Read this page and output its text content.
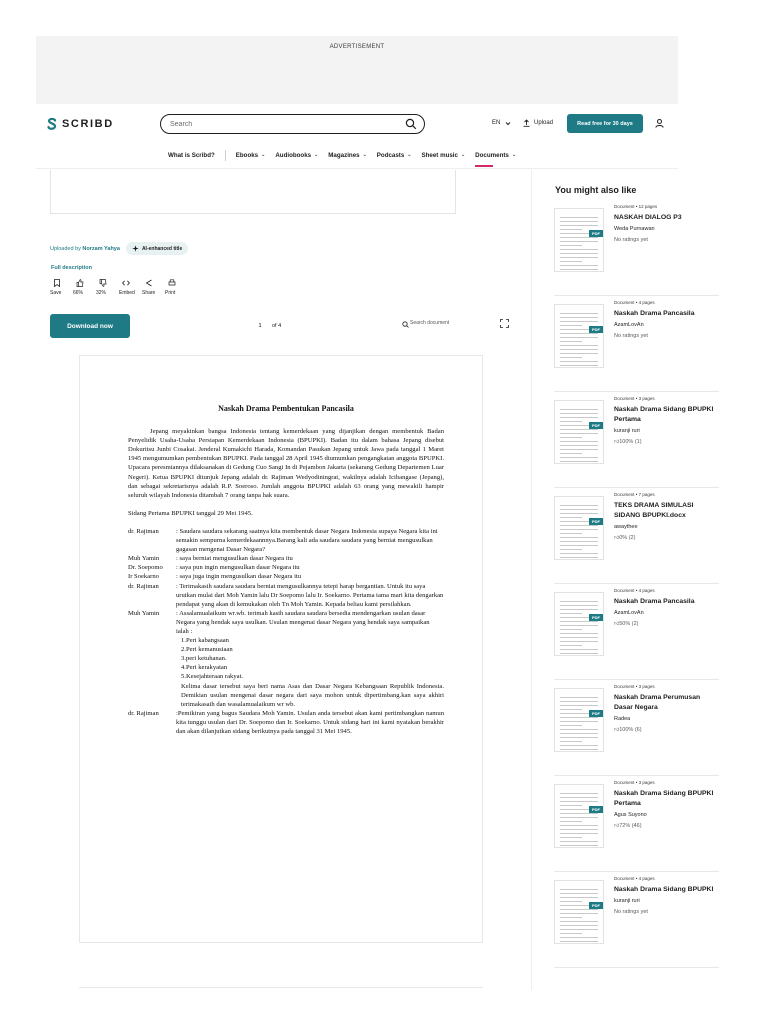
ADVERTISEMENT
SCRIBD
Search	EN	Upload	Read free for 30 days
What is Scribd?	Ebooks ⌄ Audiobooks ⌄ Magazines ⌄ Podcasts ⌄ Sheet music ⌄ Documents ⌄
Uploaded by Norzam Yahya	AI-enhanced title
Full description
Save 66%	32%	Embed Share Print
Download now
1	of 4
Search document
Naskah Drama Pembentukan Pancasila
Jepang meyakinkan bangsa Indonesia tentang kemerdekaan yang dijanjikan dengan membentuk Badan Penyelidik Usaha-Usaha Persiapan Kemerdekaan Indonesia (BPUPKI). Badan itu dalam bahasa Jepang disebut Dokuritsu Junbi Cosakai. Jenderal Kumakichi Harada, Komandan Pasukan Jepang untuk Jawa pada tanggal 1 Maret 1945 mengumumkan pembentukan BPUPKI. Pada tanggal 28 April 1945 diumumkan pengangkatan anggota BPUPKI. Upacara peresmiannya dilaksanakan di Gedung Cuo Sangi In di Pejambon Jakarta (sekarang Gedung Departemen Luar Negeri). Ketua BPUPKI ditunjuk Jepang adalah dr. Rajiman Wedyodiningrat, wakilnya adalah Icibangase (Jepang), dan sebagai sekretarisnya adalah R.P. Soeroso. Jumlah anggota BPUPKI adalah 63 orang yang mewakili hampir seluruh wilayah Indonesia ditambah 7 orang tanpa hak suara.
Sidang Pertama BPUPKI tanggal 29 Mei 1945.
dr. Rajiman	: Saudara saudara sekarang saatnya kita membentuk dasar Negara Indonesia supaya Negara kita ini semakin sempurna kemerdekaannnya.Barang kali ada saudara saudara yang berniat mengusulkan gagasan mengenai Dasar Negara?
Muh Yamin	: saya berniat mengusulkan dasar Negara itu
Dr. Soepomo	: saya pun ingin mengusulkan dasar Negara itu
Ir Soekarno	: saya juga ingin mengusulkan dasar Negara itu
dr. Rajiman	: Terimakasih saudara saudara berniat mengusulkannya tetepi harap bergantian. Untuk itu saya urutkan mulai dari Moh Yamin lalu Dr Soepomo lalu Ir. Soekarno. Pertama tama mari kita dengarkan pendapat yang akan di kemukakan oleh Tn Moh Yamin. Kepada beliau kami persilahkan.
Muh Yamin	: Assalamualaikum wr.wb. terimah kasih saudara saudara bersedia mendengarkan usulan dasar Negara yang hendak saya usulkan. Usulan mengenai dasar Negara yang hendak saya sampaikan ialah :
1.Peri kabangsaan
2.Peri kemanusiaan
3.peri ketuhanan.
4.Peri kerakyatan
5.Kesejahteraan rakyat.
Kelima dasar tersebut saya beri nama Asas dan Dasar Negara Kebangsaan Republik Indonesia. Demikian usulan mengenai dasar negara dari saya mohon untuk dipertimbang.kan saya akhiri terimakasaih dan wasalamualaikum wr wb.
dr. Rajiman	:Pemikiran yang bagus Saudara Moh Yamin. Usulan anda tersebut akan kami pertimbangkan namun kita tunggu usulan dari Dr. Soepomo dan Ir. Soekarno. Untuk sidang hari ini kami nyatakan berakhir dan akan dilanjutkan sidang berikutnya pada tanggal 31 Mei 1945.
You might also like
PDF
Document • 12 pages
NASKAH DIALOG P3
Weda Purnawan
No ratings yet
PDF
Document • 4 pages
Naskah Drama Pancasila
AzamLovAn
No ratings yet
PDF
Document • 3 pages
Naskah Drama Sidang BPUPKI Pertama
kuranji ruri
👍︎100% (1)
PDF
Document • 7 pages
TEKS DRAMA SIMULASI SIDANG BPUPKI.docx
awaythee
👍︎0% (2)
PDF
Document • 4 pages
Naskah Drama Pancasila
AzamLovAn
👍︎50% (2)
PDF
Document • 3 pages
Naskah Drama Perumusan Dasar Negara
Radea
👍︎100% (6)
PDF
Document • 3 pages
Naskah Drama Sidang BPUPKI Pertama
Agus Suyono
👍︎72% (46)
PDF
Document • 4 pages
Naskah Drama Sidang BPUPKI
kuranji ruri
No ratings yet
